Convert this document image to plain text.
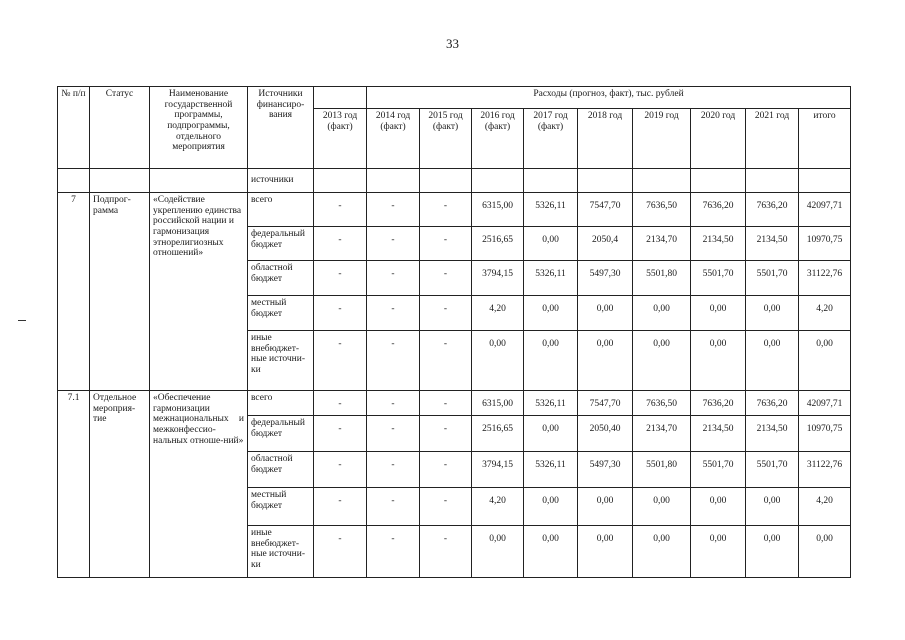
33
№ п/п	Статус	Наименование государственной программы, подпрограммы, отдельного мероприятия	Источники финансиро-вания		Расходы (прогноз, факт), тыс. рублей								
				2013 год (факт)	2014 год (факт)	2015 год (факт)	2016 год (факт)	2017 год (факт)	2018 год	2019 год	2020 год	2021 год	итого
			источники										
7	Подпрог-рамма	«Содействие укреплению единства российской нации и гармонизация этнорелигиозных отношений»	всего	-	-	-	6315,00	5326,11	7547,70	7636,50	7636,20	7636,20	42097,71
			федеральный бюджет	-	-	-	2516,65	0,00	2050,4	2134,70	2134,50	2134,50	10970,75
			областной бюджет	-	-	-	3794,15	5326,11	5497,30	5501,80	5501,70	5501,70	31122,76
			местный бюджет	-	-	-	4,20	0,00	0,00	0,00	0,00	0,00	4,20
			иные внебюджет-ные источни-ки	-	-	-	0,00	0,00	0,00	0,00	0,00	0,00	0,00
7.1	Отдельное мероприя-тие	«Обеспечение гармонизации межнациональных и межконфессио-нальных отноше-ний»	всего	-	-	-	6315,00	5326,11	7547,70	7636,50	7636,20	7636,20	42097,71
			федеральный бюджет	-	-	-	2516,65	0,00	2050,40	2134,70	2134,50	2134,50	10970,75
			областной бюджет	-	-	-	3794,15	5326,11	5497,30	5501,80	5501,70	5501,70	31122,76
			местный бюджет	-	-	-	4,20	0,00	0,00	0,00	0,00	0,00	4,20
			иные внебюджет-ные источни-ки	-	-	-	0,00	0,00	0,00	0,00	0,00	0,00	0,00
